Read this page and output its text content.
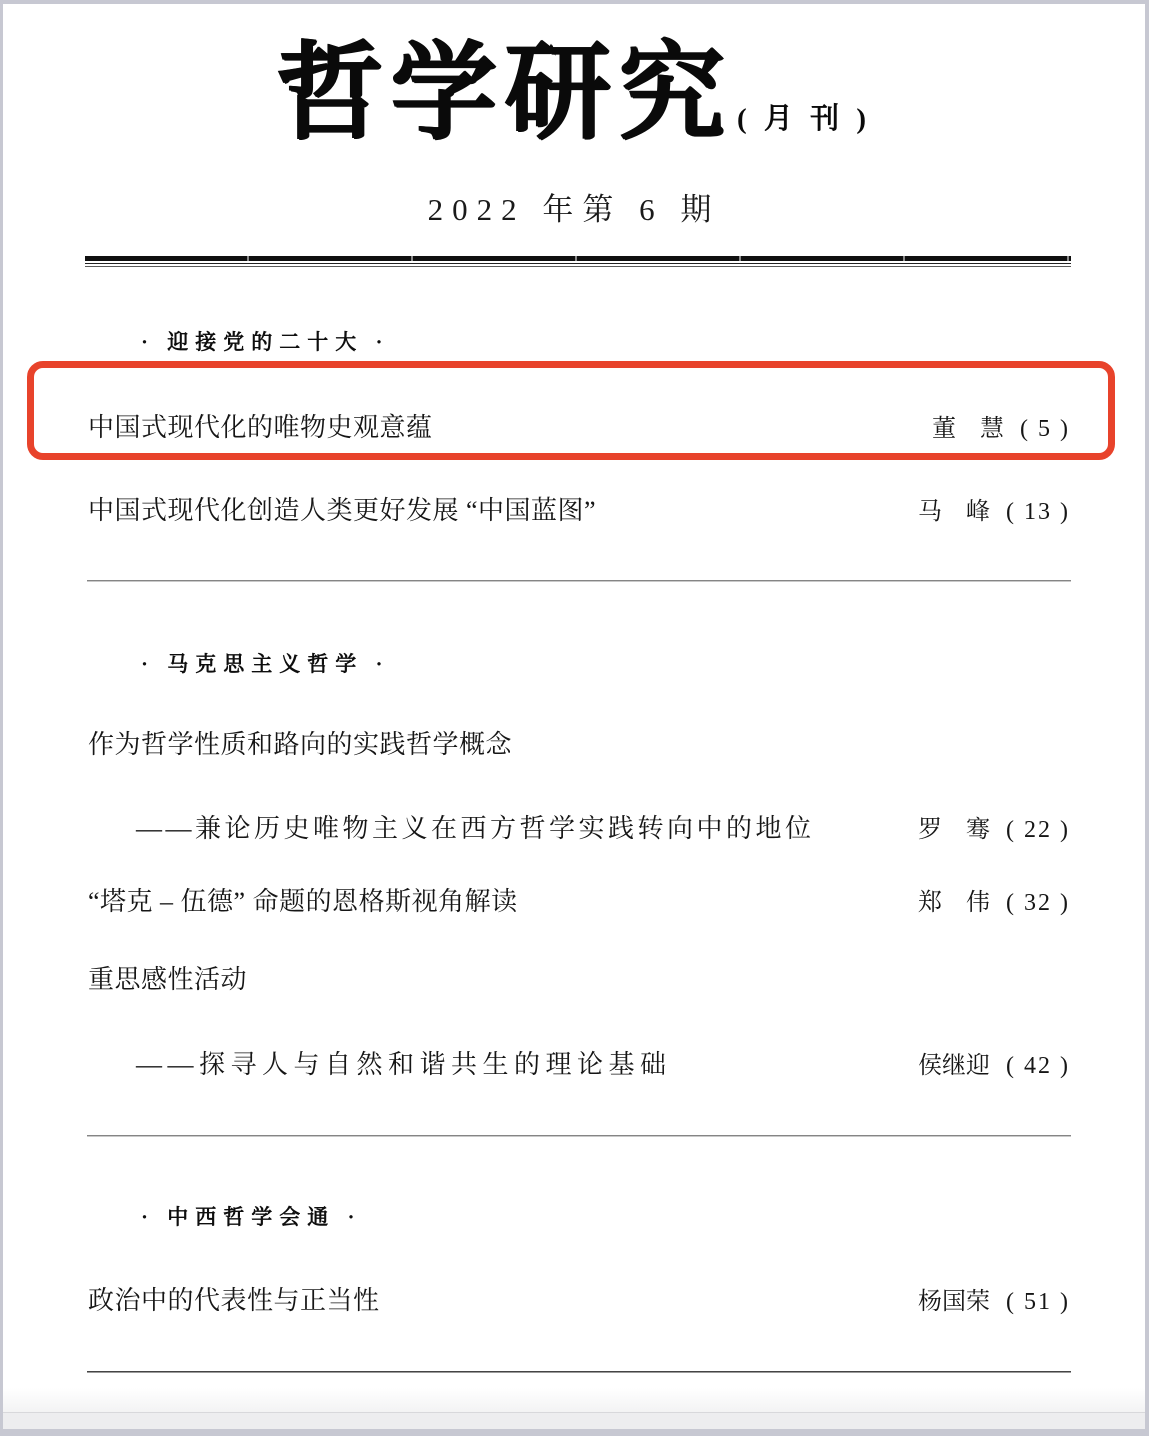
哲学研究 ( 月 刊 )
2022 年第 6 期
· 迎接党的二十大 ·
中国式现代化的唯物史观意蕴	董　慧 ( 5 )
中国式现代化创造人类更好发展 “中国蓝图”	马　峰 ( 13 )
· 马克思主义哲学 ·
作为哲学性质和路向的实践哲学概念
——兼论历史唯物主义在西方哲学实践转向中的地位	罗　骞 ( 22 )
“塔克 – 伍德” 命题的恩格斯视角解读	郑　伟 ( 32 )
重思感性活动
——探寻人与自然和谐共生的理论基础	侯继迎 ( 42 )
· 中西哲学会通 ·
政治中的代表性与正当性	杨国荣 ( 51 )
